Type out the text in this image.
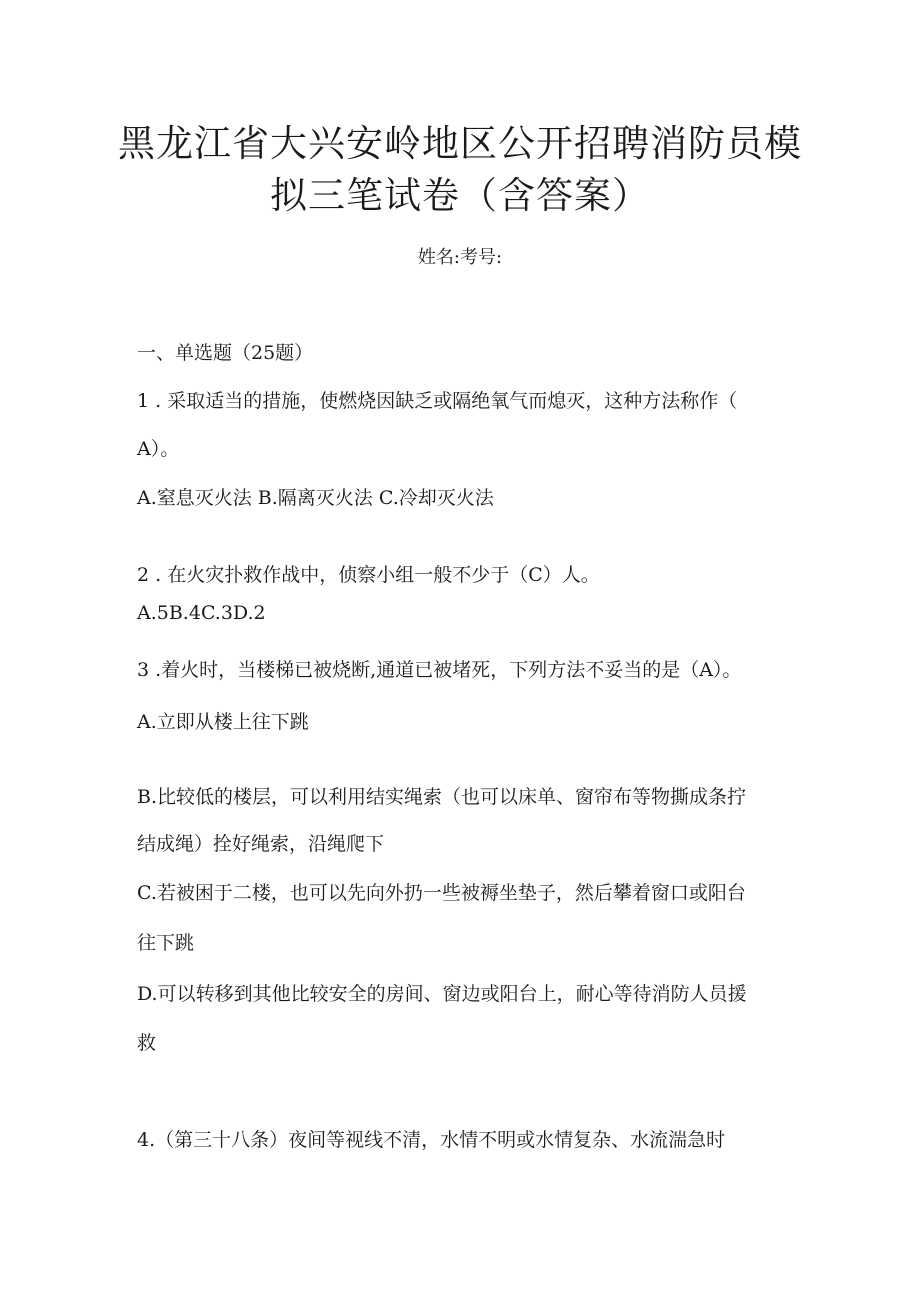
黑龙江省大兴安岭地区公开招聘消防员模
拟三笔试卷（含答案）
姓名:考号:
一、单选题（25题）
1 . 采取适当的措施，使燃烧因缺乏或隔绝氧气而熄灭，这种方法称作（
A）。
A.窒息灭火法 B.隔离灭火法 C.冷却灭火法
2 . 在火灾扑救作战中，侦察小组一般不少于（C）人。
A.5B.4C.3D.2
3 .着火时，当楼梯已被烧断,通道已被堵死，下列方法不妥当的是（A）。
A.立即从楼上往下跳
B.比较低的楼层，可以利用结实绳索（也可以床单、窗帘布等物撕成条拧
结成绳）拴好绳索，沿绳爬下
C.若被困于二楼，也可以先向外扔一些被褥坐垫子，然后攀着窗口或阳台
往下跳
D.可以转移到其他比较安全的房间、窗边或阳台上，耐心等待消防人员援
救
4.（第三十八条）夜间等视线不清，水情不明或水情复杂、水流湍急时
